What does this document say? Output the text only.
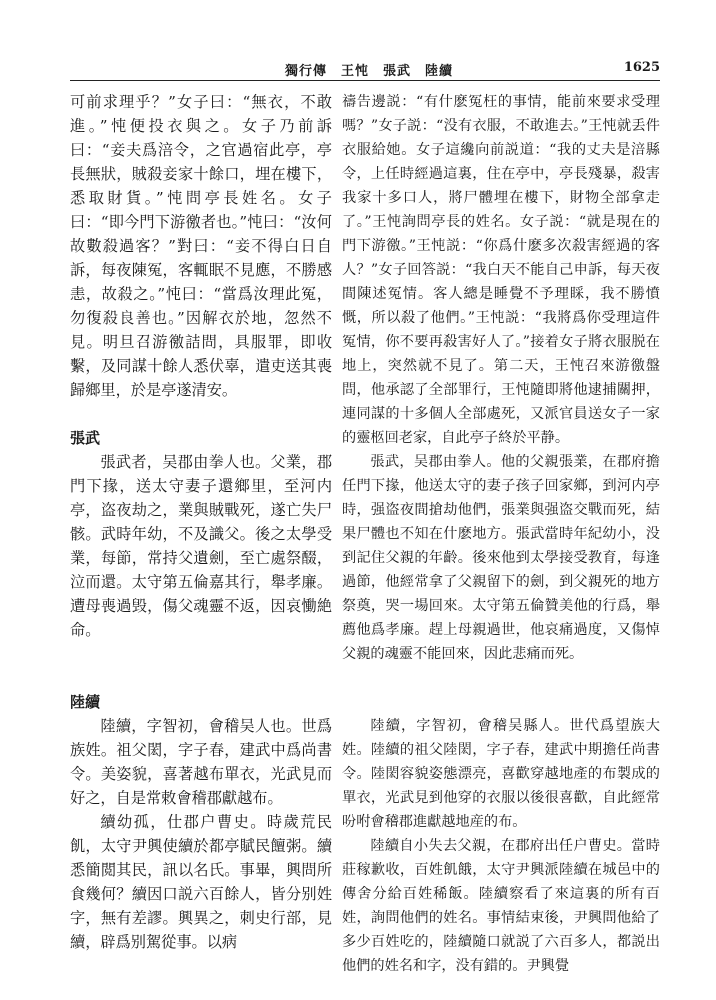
獨行傳　王忳　張武　陸續	1625

可前求理乎？”女子曰：“無衣，不敢進。”忳便投衣與之。女子乃前訴曰：“妾夫爲涪令，之官過宿此亭，亭長無狀，賊殺妾家十餘口，埋在樓下，悉取財貨。”忳問亭長姓名。女子曰：“即今門下游徼者也。”忳曰：“汝何故數殺過客？”對曰：“妾不得白日自訴，每夜陳冤，客輒眠不見應，不勝感恚，故殺之。”忳曰：“當爲汝理此冤，勿復殺良善也。”因解衣於地，忽然不見。明旦召游徼詰問，具服罪，即收繫，及同謀十餘人悉伏辜，遣吏送其喪歸鄉里，於是亭遂清安。

張武

張武者，吴郡由拳人也。父業，郡門下掾，送太守妻子還鄉里，至河内亭，盗夜劫之，業與賊戰死，遂亡失尸骸。武時年幼，不及識父。後之太學受業，每節，常持父遺劍，至亡處祭醊，泣而還。太守第五倫嘉其行，舉孝廉。遭母喪過毁，傷父魂靈不返，因哀慟絶命。

陸續

陸續，字智初，會稽吴人也。世爲族姓。祖父閎，字子春，建武中爲尚書令。美姿貌，喜著越布單衣，光武見而好之，自是常敕會稽郡獻越布。

續幼孤，仕郡户曹史。時歲荒民飢，太守尹興使續於都亭賦民饘粥。續悉簡閲其民，訊以名氏。事畢，興問所食幾何？續因口説六百餘人，皆分别姓字，無有差謬。興異之，刺史行部，見續，辟爲别駕從事。以病

禱告邊説：“有什麽冤枉的事情，能前來要求受理嗎？”女子説：“没有衣服，不敢進去。”王忳就丢件衣服給她。女子這纔向前説道：“我的丈夫是涪縣令，上任時經過這裏，住在亭中，亭長殘暴，殺害我家十多口人，將尸體埋在樓下，財物全部拿走了。”王忳詢問亭長的姓名。女子説：“就是現在的門下游徼。”王忳説：“你爲什麽多次殺害經過的客人？”女子回答説：“我白天不能自己申訴，每天夜間陳述冤情。客人總是睡覺不予理睬，我不勝憤慨，所以殺了他們。”王忳説：“我將爲你受理這件冤情，你不要再殺害好人了。”接着女子將衣服脱在地上，突然就不見了。第二天，王忳召來游徼盤問，他承認了全部罪行，王忳隨即將他逮捕關押，連同謀的十多個人全部處死，又派官員送女子一家的靈柩回老家，自此亭子終於平静。

張武，吴郡由拳人。他的父親張業，在郡府擔任門下掾，他送太守的妻子孩子回家鄉，到河内亭時，强盗夜間搶劫他們，張業與强盗交戰而死，結果尸體也不知在什麽地方。張武當時年紀幼小，没到記住父親的年齡。後來他到太學接受教育，每逢過節，他經常拿了父親留下的劍，到父親死的地方祭奠，哭一場回來。太守第五倫贊美他的行爲，舉薦他爲孝廉。趕上母親過世，他哀痛過度，又傷悼父親的魂靈不能回來，因此悲痛而死。

陸續，字智初，會稽吴縣人。世代爲望族大姓。陸續的祖父陸閎，字子春，建武中期擔任尚書令。陸閎容貌姿態漂亮，喜歡穿越地產的布製成的單衣，光武見到他穿的衣服以後很喜歡，自此經常吩咐會稽郡進獻越地産的布。

陸續自小失去父親，在郡府出任户曹史。當時莊稼歉收，百姓飢餓，太守尹興派陸續在城邑中的傳舍分給百姓稀飯。陸續察看了來這裏的所有百姓，詢問他們的姓名。事情結束後，尹興問他給了多少百姓吃的，陸續隨口就説了六百多人，都説出他們的姓名和字，没有錯的。尹興覺
